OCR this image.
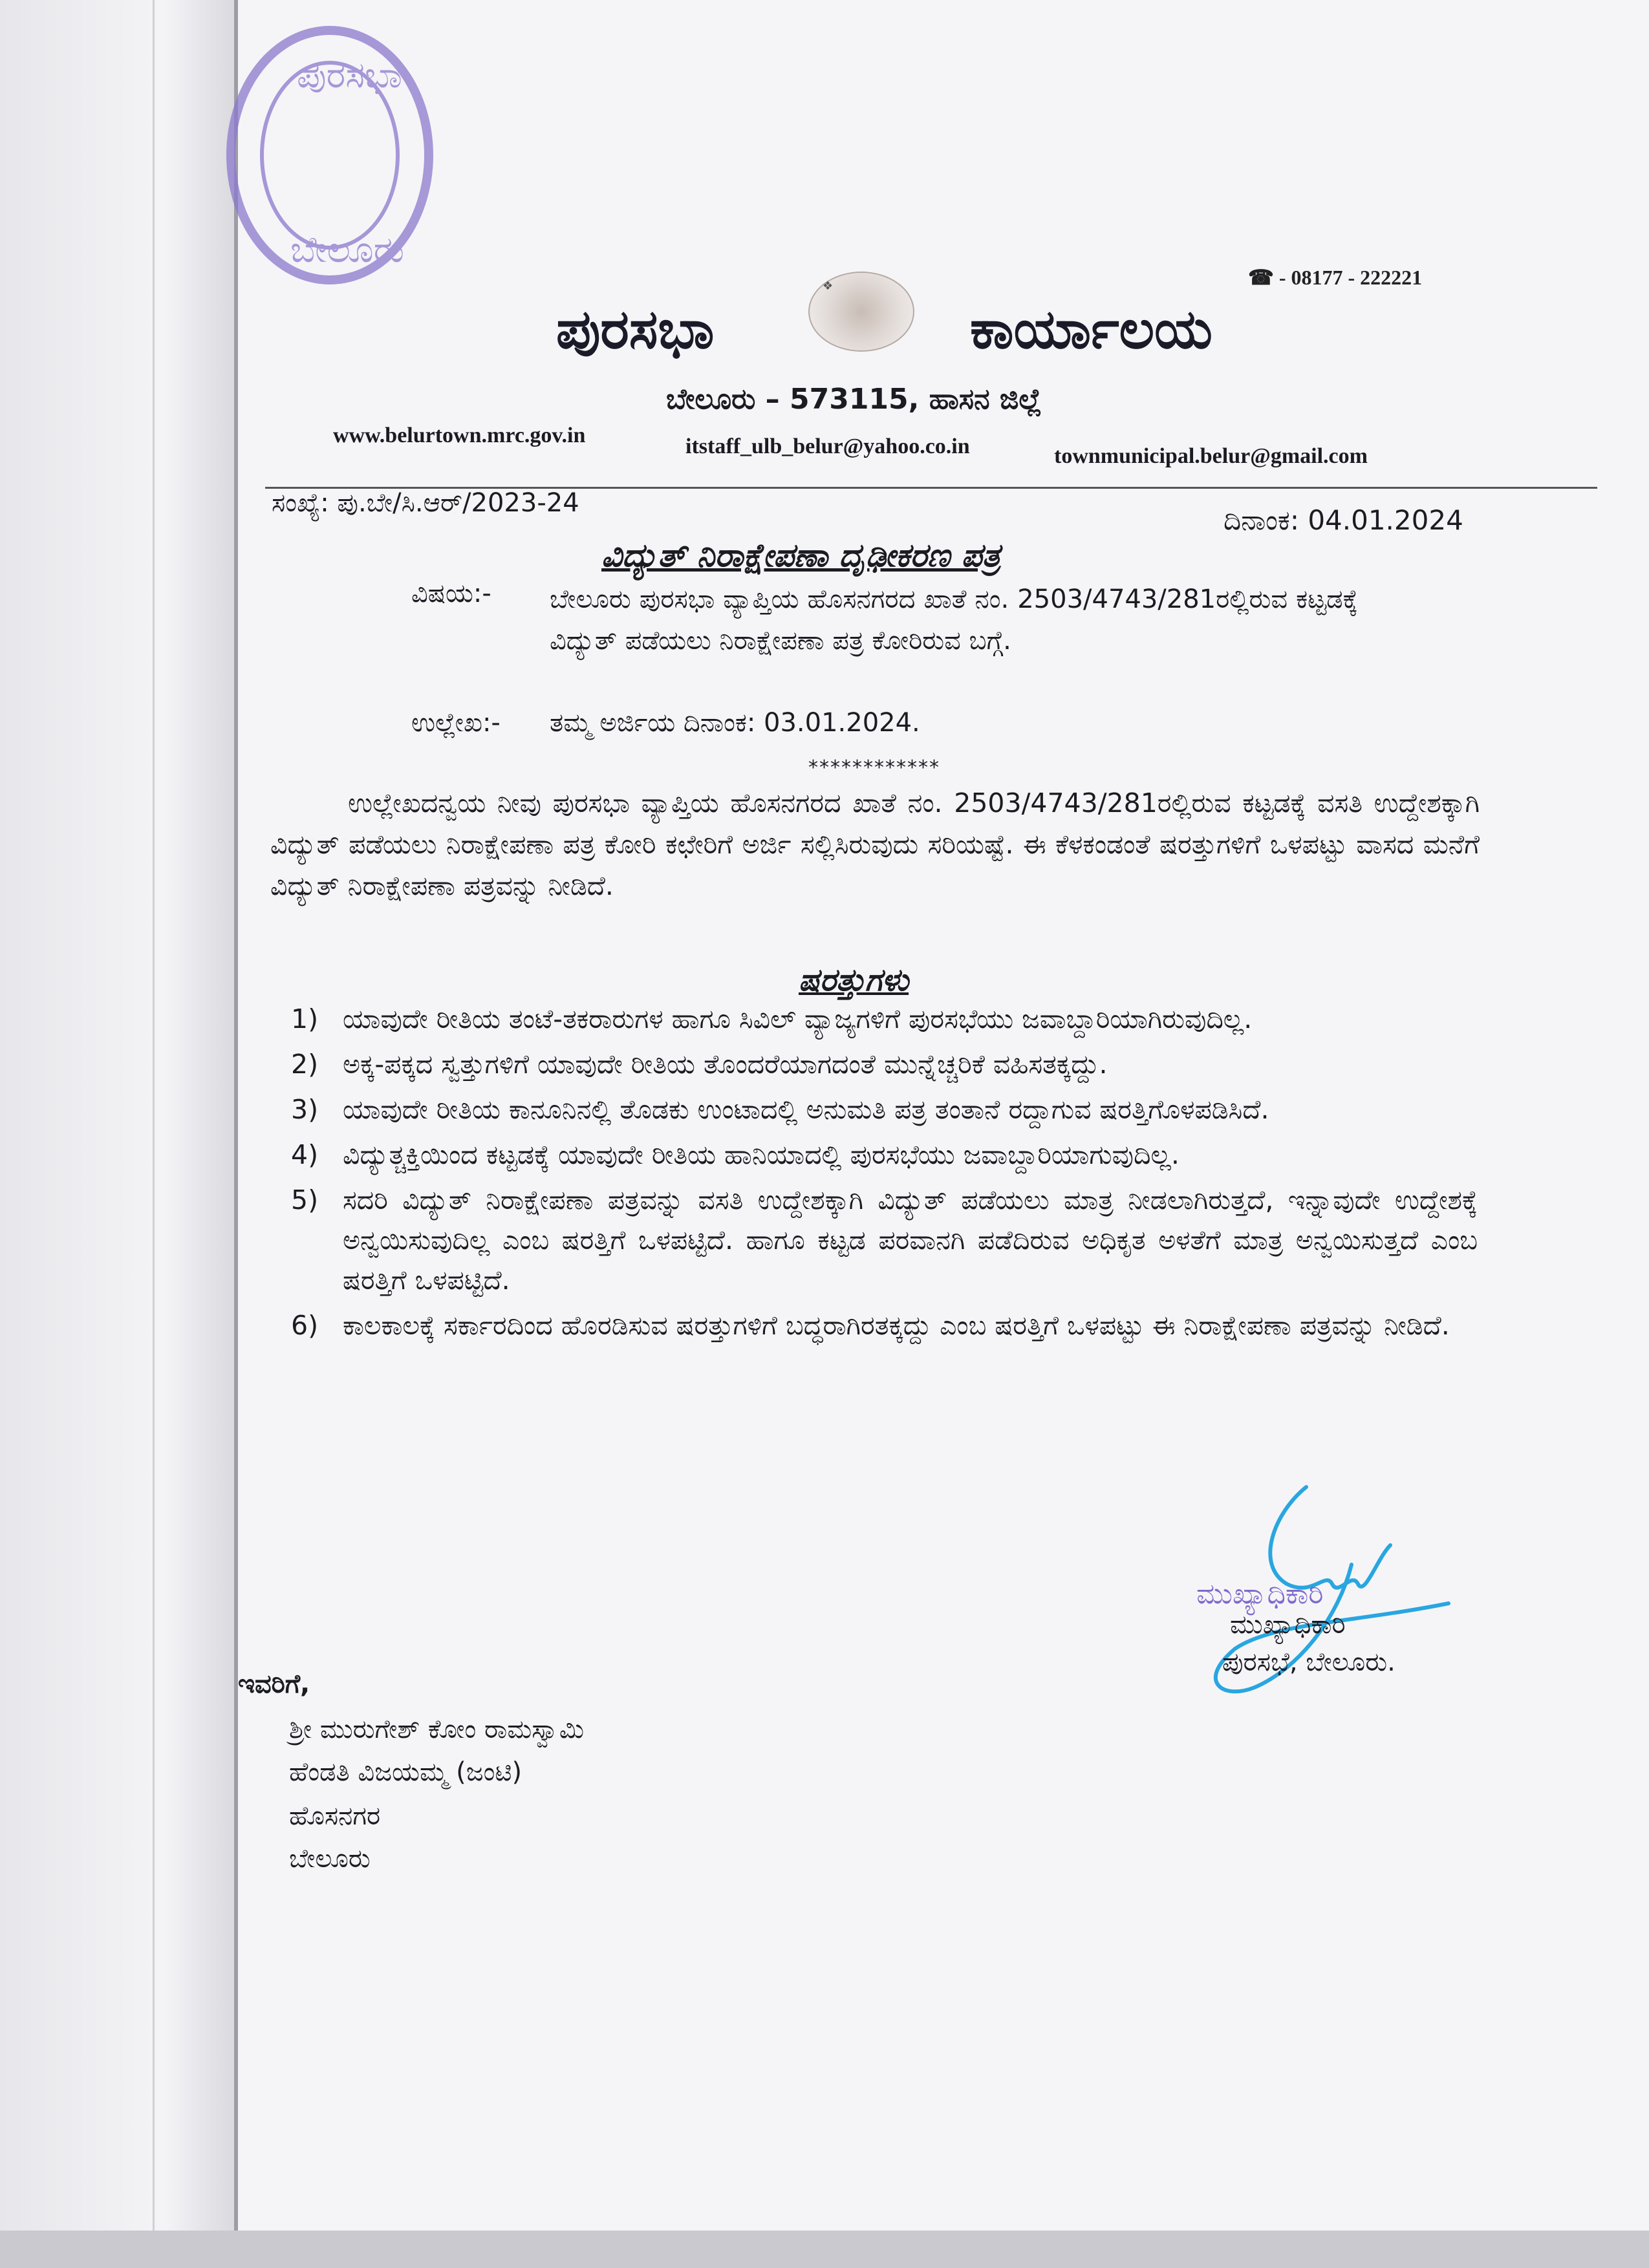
ಪುರಸಭಾ
ಬೇಲೂರು
☎ - 08177 - 222221
ಪುರಸಭಾ
❖
ಕಾರ್ಯಾಲಯ
ಬೇಲೂರು – 573115, ಹಾಸನ ಜಿಲ್ಲೆ
www.belurtown.mrc.gov.in	itstaff_ulb_belur@yahoo.co.in	townmunicipal.belur@gmail.com
ಸಂಖ್ಯೆ: ಪು.ಬೇ/ಸಿ.ಆರ್/2023-24
ದಿನಾಂಕ: 04.01.2024
ವಿದ್ಯುತ್ ನಿರಾಕ್ಷೇಪಣಾ ದೃಢೀಕರಣ ಪತ್ರ
ವಿಷಯ:- ಬೇಲೂರು ಪುರಸಭಾ ವ್ಯಾಪ್ತಿಯ ಹೊಸನಗರದ ಖಾತೆ ನಂ. 2503/4743/281ರಲ್ಲಿರುವ ಕಟ್ಟಡಕ್ಕೆ ವಿದ್ಯುತ್ ಪಡೆಯಲು ನಿರಾಕ್ಷೇಪಣಾ ಪತ್ರ ಕೋರಿರುವ ಬಗ್ಗೆ.
ಉಲ್ಲೇಖ:- ತಮ್ಮ ಅರ್ಜಿಯ ದಿನಾಂಕ: 03.01.2024.
************
ಉಲ್ಲೇಖದನ್ವಯ ನೀವು ಪುರಸಭಾ ವ್ಯಾಪ್ತಿಯ ಹೊಸನಗರದ ಖಾತೆ ನಂ. 2503/4743/281ರಲ್ಲಿರುವ ಕಟ್ಟಡಕ್ಕೆ ವಸತಿ ಉದ್ದೇಶಕ್ಕಾಗಿ ವಿದ್ಯುತ್ ಪಡೆಯಲು ನಿರಾಕ್ಷೇಪಣಾ ಪತ್ರ ಕೋರಿ ಕಛೇರಿಗೆ ಅರ್ಜಿ ಸಲ್ಲಿಸಿರುವುದು ಸರಿಯಷ್ಟೆ. ಈ ಕೆಳಕಂಡಂತೆ ಷರತ್ತುಗಳಿಗೆ ಒಳಪಟ್ಟು ವಾಸದ ಮನೆಗೆ ವಿದ್ಯುತ್ ನಿರಾಕ್ಷೇಪಣಾ ಪತ್ರವನ್ನು ನೀಡಿದೆ.
ಷರತ್ತುಗಳು
1) ಯಾವುದೇ ರೀತಿಯ ತಂಟೆ-ತಕರಾರುಗಳ ಹಾಗೂ ಸಿವಿಲ್ ವ್ಯಾಜ್ಯಗಳಿಗೆ ಪುರಸಭೆಯು ಜವಾಬ್ದಾರಿಯಾಗಿರುವುದಿಲ್ಲ.
2) ಅಕ್ಕ-ಪಕ್ಕದ ಸ್ವತ್ತುಗಳಿಗೆ ಯಾವುದೇ ರೀತಿಯ ತೊಂದರೆಯಾಗದಂತೆ ಮುನ್ನೆಚ್ಚರಿಕೆ ವಹಿಸತಕ್ಕದ್ದು.
3) ಯಾವುದೇ ರೀತಿಯ ಕಾನೂನಿನಲ್ಲಿ ತೊಡಕು ಉಂಟಾದಲ್ಲಿ ಅನುಮತಿ ಪತ್ರ ತಂತಾನೆ ರದ್ದಾಗುವ ಷರತ್ತಿಗೊಳಪಡಿಸಿದೆ.
4) ವಿದ್ಯುತ್ಚಕ್ತಿಯಿಂದ ಕಟ್ಟಡಕ್ಕೆ ಯಾವುದೇ ರೀತಿಯ ಹಾನಿಯಾದಲ್ಲಿ ಪುರಸಭೆಯು ಜವಾಬ್ದಾರಿಯಾಗುವುದಿಲ್ಲ.
5) ಸದರಿ ವಿದ್ಯುತ್ ನಿರಾಕ್ಷೇಪಣಾ ಪತ್ರವನ್ನು ವಸತಿ ಉದ್ದೇಶಕ್ಕಾಗಿ ವಿದ್ಯುತ್ ಪಡೆಯಲು ಮಾತ್ರ ನೀಡಲಾಗಿರುತ್ತದೆ, ಇನ್ನಾವುದೇ ಉದ್ದೇಶಕ್ಕೆ ಅನ್ವಯಿಸುವುದಿಲ್ಲ ಎಂಬ ಷರತ್ತಿಗೆ ಒಳಪಟ್ಟಿದೆ. ಹಾಗೂ ಕಟ್ಟಡ ಪರವಾನಗಿ ಪಡೆದಿರುವ ಅಧಿಕೃತ ಅಳತೆಗೆ ಮಾತ್ರ ಅನ್ವಯಿಸುತ್ತದೆ ಎಂಬ ಷರತ್ತಿಗೆ ಒಳಪಟ್ಟಿದೆ.
6) ಕಾಲಕಾಲಕ್ಕೆ ಸರ್ಕಾರದಿಂದ ಹೊರಡಿಸುವ ಷರತ್ತುಗಳಿಗೆ ಬದ್ಧರಾಗಿರತಕ್ಕದ್ದು ಎಂಬ ಷರತ್ತಿಗೆ ಒಳಪಟ್ಟು ಈ ನಿರಾಕ್ಷೇಪಣಾ ಪತ್ರವನ್ನು ನೀಡಿದೆ.
ಮುಖ್ಯಾಧಿಕಾರಿ
ಮುಖ್ಯಾಧಿಕಾರಿ
ಪುರಸಭೆ, ಬೇಲೂರು.
ಇವರಿಗೆ,
ಶ್ರೀ ಮುರುಗೇಶ್ ಕೋಂ ರಾಮಸ್ವಾಮಿ
ಹೆಂಡತಿ ವಿಜಯಮ್ಮ (ಜಂಟಿ)
ಹೊಸನಗರ
ಬೇಲೂರು
